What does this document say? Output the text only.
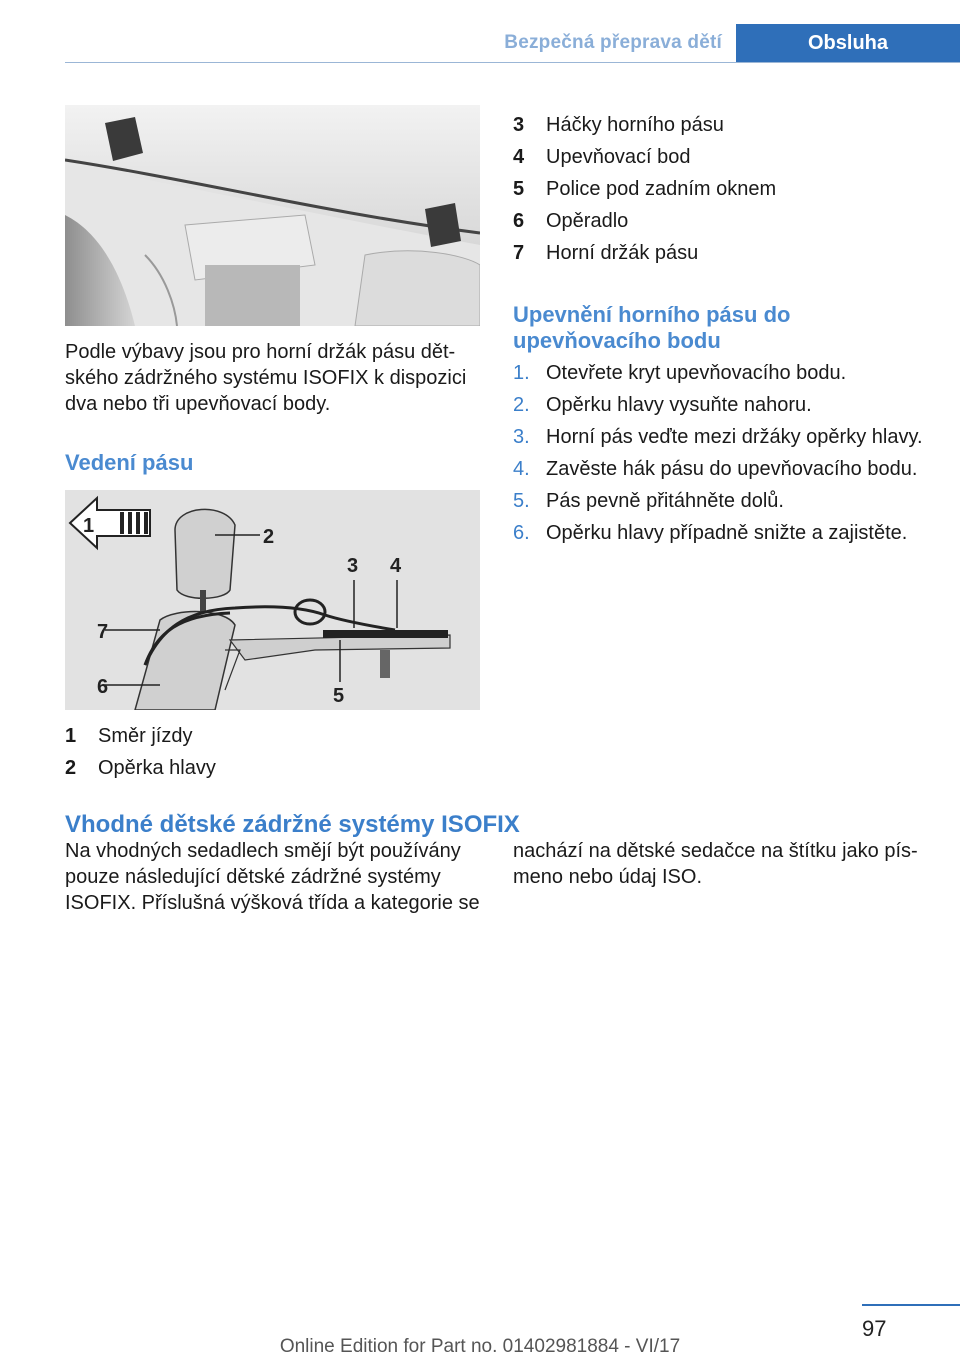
Bezpečná přeprava dětí	Obsluha
Podle výbavy jsou pro horní držák pásu dět‐
ského zádržného systému ISOFIX k dispozici
dva nebo tři upevňovací body.
Vedení pásu
1	2
3 4
5
6
7
1 Směr jízdy
2 Opěrka hlavy
3 Háčky horního pásu
4 Upevňovací bod
5 Police pod zadním oknem
6 Opěradlo
7 Horní držák pásu
Upevnění horního pásu do
upevňovacího bodu
1. Otevřete kryt upevňovacího bodu.
2. Opěrku hlavy vysuňte nahoru.
3. Horní pás veďte mezi držáky opěrky hlavy.
4. Zavěste hák pásu do upevňovacího bodu.
5. Pás pevně přitáhněte dolů.
6. Opěrku hlavy případně snižte a zajistěte.
Vhodné dětské zádržné systémy ISOFIX
Na vhodných sedadlech smějí být používány
pouze následující dětské zádržné systémy
ISOFIX. Příslušná výšková třída a kategorie se
nachází na dětské sedačce na štítku jako pís‐
meno nebo údaj ISO.
97
Online Edition for Part no. 01402981884 - VI/17
